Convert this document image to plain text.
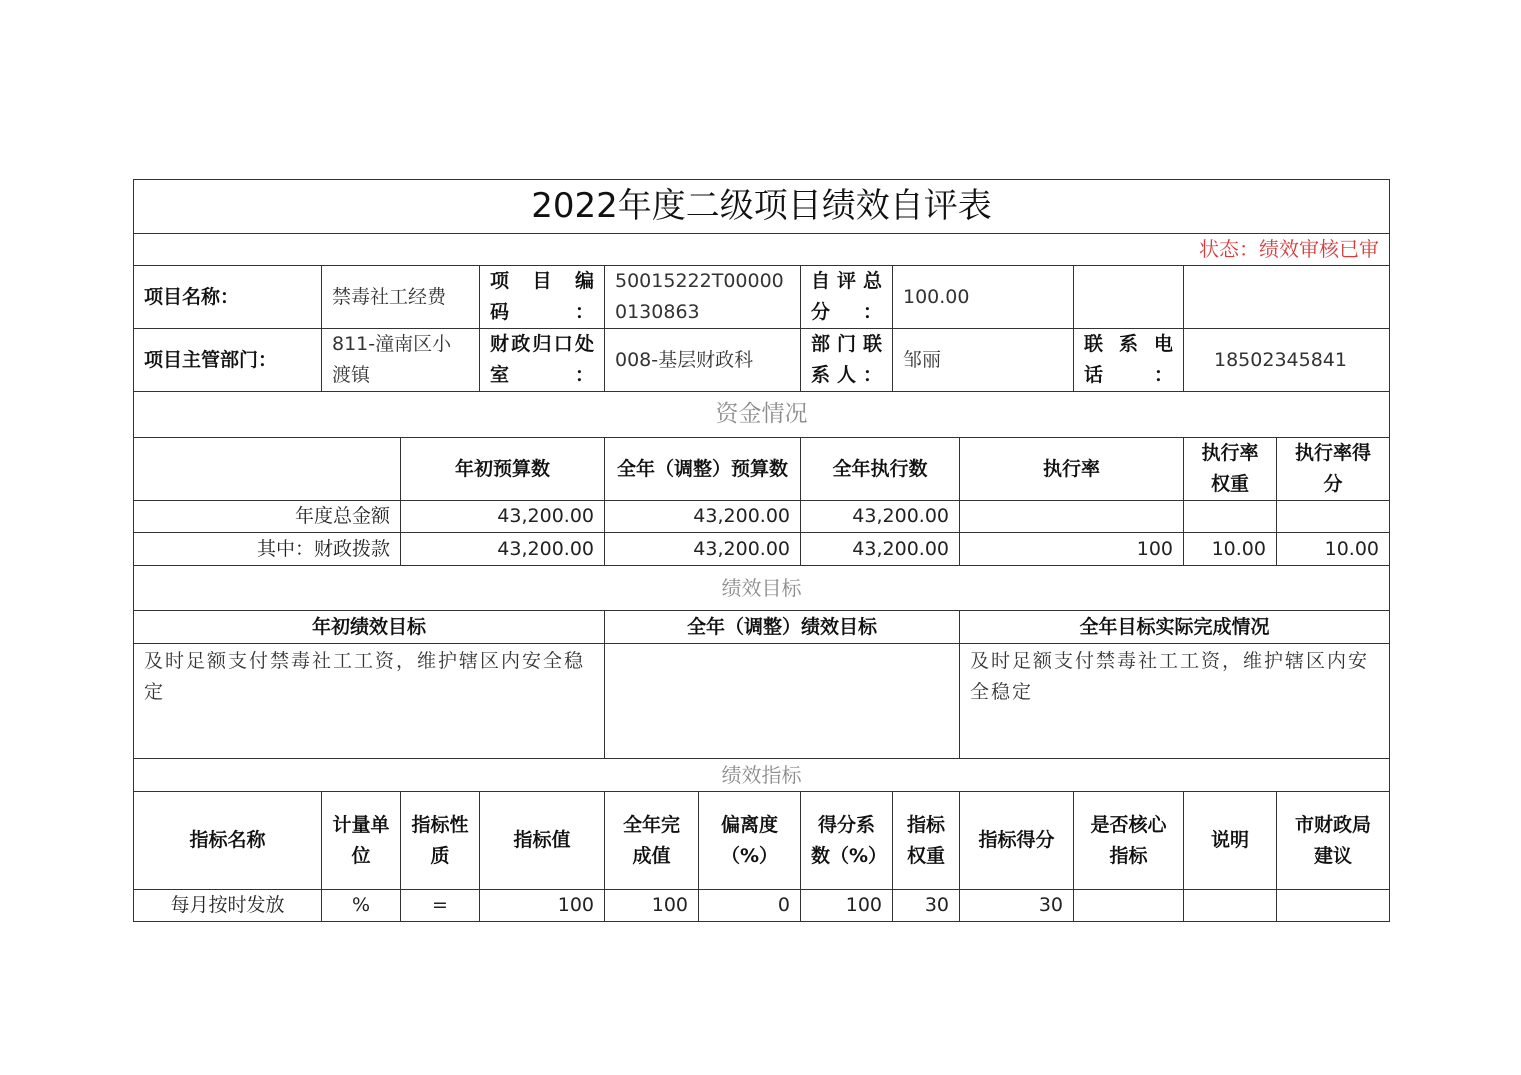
2022年度二级项目绩效自评表											
状态：绩效审核已审											
项目名称：	禁毒社工经费		项 目 编 码：	50015222T000000130863		自评总分：	100.00				
项目主管部门：	811-潼南区小渡镇		财政归口处室：	008-基层财政科		部门联系人：	邹丽		联 系 电 话：	18502345841	
资金情况											
		年初预算数		全年（调整）预算数		全年执行数		执行率		执行率权重	执行率得分
年度总金额		43,200.00		43,200.00		43,200.00					
其中：财政拨款		43,200.00		43,200.00		43,200.00		100		10.00	10.00
绩效目标											
年初绩效目标				全年（调整）绩效目标				全年目标实际完成情况			
及时足额支付禁毒社工工资，维护辖区内安全稳定								及时足额支付禁毒社工工资，维护辖区内安全稳定			
绩效指标											
指标名称	计量单位	指标性质	指标值	全年完成值	偏离度（%）	得分系数（%）	指标权重	指标得分	是否核心指标	说明	市财政局建议
每月按时发放	%	=	100	100	0	100	30	30			
